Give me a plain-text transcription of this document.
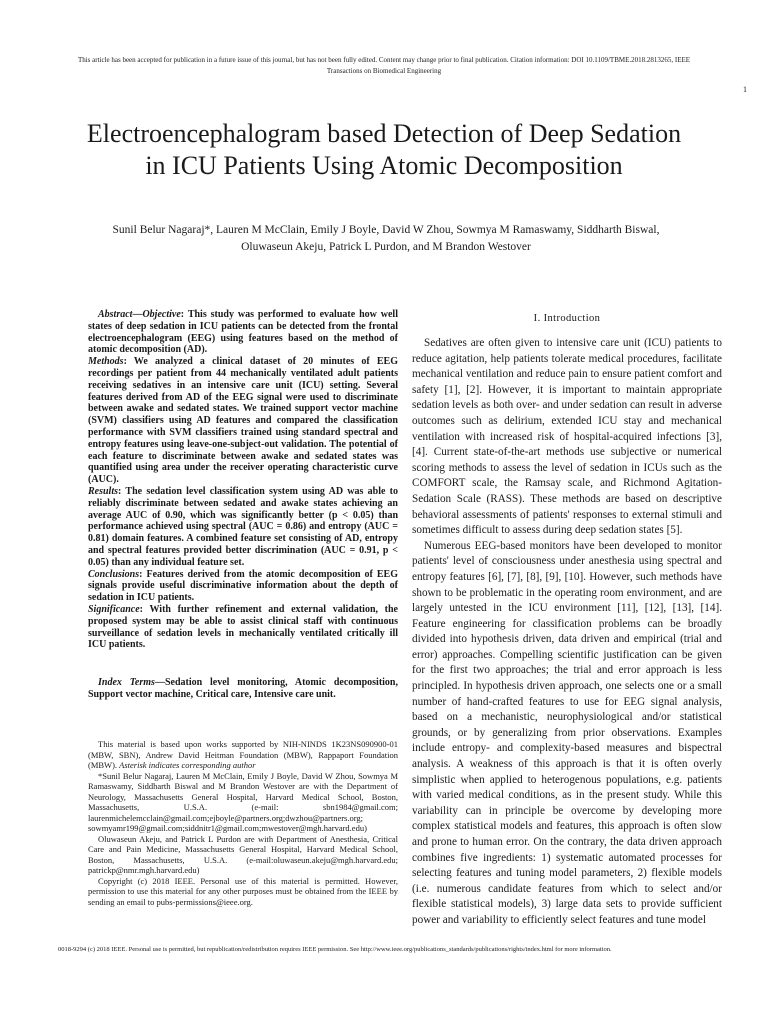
This article has been accepted for publication in a future issue of this journal, but has not been fully edited. Content may change prior to final publication. Citation information: DOI 10.1109/TBME.2018.2813265, IEEE
Transactions on Biomedical Engineering
1
Electroencephalogram based Detection of Deep Sedation in ICU Patients Using Atomic Decomposition
Sunil Belur Nagaraj*, Lauren M McClain, Emily J Boyle, David W Zhou, Sowmya M Ramaswamy, Siddharth Biswal, Oluwaseun Akeju, Patrick L Purdon, and M Brandon Westover

Abstract—Objective: This study was performed to evaluate how well states of deep sedation in ICU patients can be detected from the frontal electroencephalogram (EEG) using features based on the method of atomic decomposition (AD).

Methods: We analyzed a clinical dataset of 20 minutes of EEG recordings per patient from 44 mechanically ventilated adult patients receiving sedatives in an intensive care unit (ICU) setting. Several features derived from AD of the EEG signal were used to discriminate between awake and sedated states. We trained support vector machine (SVM) classifiers using AD features and compared the classification performance with SVM classifiers trained using standard spectral and entropy features using leave-one-subject-out validation. The potential of each feature to discriminate between awake and sedated states was quantified using area under the receiver operating characteristic curve (AUC).

Results: The sedation level classification system using AD was able to reliably discriminate between sedated and awake states achieving an average AUC of 0.90, which was significantly better (p < 0.05) than performance achieved using spectral (AUC = 0.86) and entropy (AUC = 0.81) domain features. A combined feature set consisting of AD, entropy and spectral features provided better discrimination (AUC = 0.91, p < 0.05) than any individual feature set.

Conclusions: Features derived from the atomic decomposition of EEG signals provide useful discriminative information about the depth of sedation in ICU patients.

Significance: With further refinement and external validation, the proposed system may be able to assist clinical staff with continuous surveillance of sedation levels in mechanically ventilated critically ill ICU patients.

Index Terms—Sedation level monitoring, Atomic decomposition, Support vector machine, Critical care, Intensive care unit.

This material is based upon works supported by NIH-NINDS 1K23NS090900-01 (MBW, SBN), Andrew David Heitman Foundation (MBW), Rappaport Foundation (MBW). Asterisk indicates corresponding author

*Sunil Belur Nagaraj, Lauren M McClain, Emily J Boyle, David W Zhou, Sowmya M Ramaswamy, Siddharth Biswal and M Brandon Westover are with the Department of Neurology, Massachusetts General Hospital, Harvard Medical School, Boston, Massachusetts, U.S.A. (e-mail: sbn1984@gmail.com; laurenmichelemcclain@gmail.com;ejboyle@partners.org;dwzhou@partners.org; sowmyamr199@gmail.com;siddnitr1@gmail.com;mwestover@mgh.harvard.edu)

Oluwaseun Akeju, and Patrick L Purdon are with Department of Anesthesia, Critical Care and Pain Medicine, Massachusetts General Hospital, Harvard Medical School, Boston, Massachusetts, U.S.A. (e-mail:oluwaseun.akeju@mgh.harvard.edu; patrickp@nmr.mgh.harvard.edu)

Copyright (c) 2018 IEEE. Personal use of this material is permitted. However, permission to use this material for any other purposes must be obtained from the IEEE by sending an email to pubs-permissions@ieee.org.

I. Introduction

Sedatives are often given to intensive care unit (ICU) patients to reduce agitation, help patients tolerate medical procedures, facilitate mechanical ventilation and reduce pain to ensure patient comfort and safety [1], [2]. However, it is important to maintain appropriate sedation levels as both over- and under sedation can result in adverse outcomes such as delirium, extended ICU stay and mechanical ventilation with increased risk of hospital-acquired infections [3], [4]. Current state-of-the-art methods use subjective or numerical scoring methods to assess the level of sedation in ICUs such as the COMFORT scale, the Ramsay scale, and Richmond Agitation-Sedation Scale (RASS). These methods are based on descriptive behavioral assessments of patients' responses to external stimuli and sometimes difficult to assess during deep sedation states [5].

Numerous EEG-based monitors have been developed to monitor patients' level of consciousness under anesthesia using spectral and entropy features [6], [7], [8], [9], [10]. However, such methods have shown to be problematic in the operating room environment, and are largely untested in the ICU environment [11], [12], [13], [14]. Feature engineering for classification problems can be broadly divided into hypothesis driven, data driven and empirical (trial and error) approaches. Compelling scientific justification can be given for the first two approaches; the trial and error approach is less principled. In hypothesis driven approach, one selects one or a small number of hand-crafted features to use for EEG signal analysis, based on a mechanistic, neurophysiological and/or statistical grounds, or by generalizing from prior observations. Examples include entropy- and complexity-based measures and bispectral analysis. A weakness of this approach is that it is often overly simplistic when applied to heterogenous populations, e.g. patients with varied medical conditions, as in the present study. While this variability can in principle be overcome by developing more complex statistical models and features, this approach is often slow and prone to human error. On the contrary, the data driven approach combines five ingredients: 1) systematic automated processes for selecting features and tuning model parameters, 2) flexible models (i.e. numerous candidate features from which to select and/or flexible statistical models), 3) large data sets to provide sufficient power and variability to efficiently select features and tune model

0018-9294 (c) 2018 IEEE. Personal use is permitted, but republication/redistribution requires IEEE permission. See http://www.ieee.org/publications_standards/publications/rights/index.html for more information.
